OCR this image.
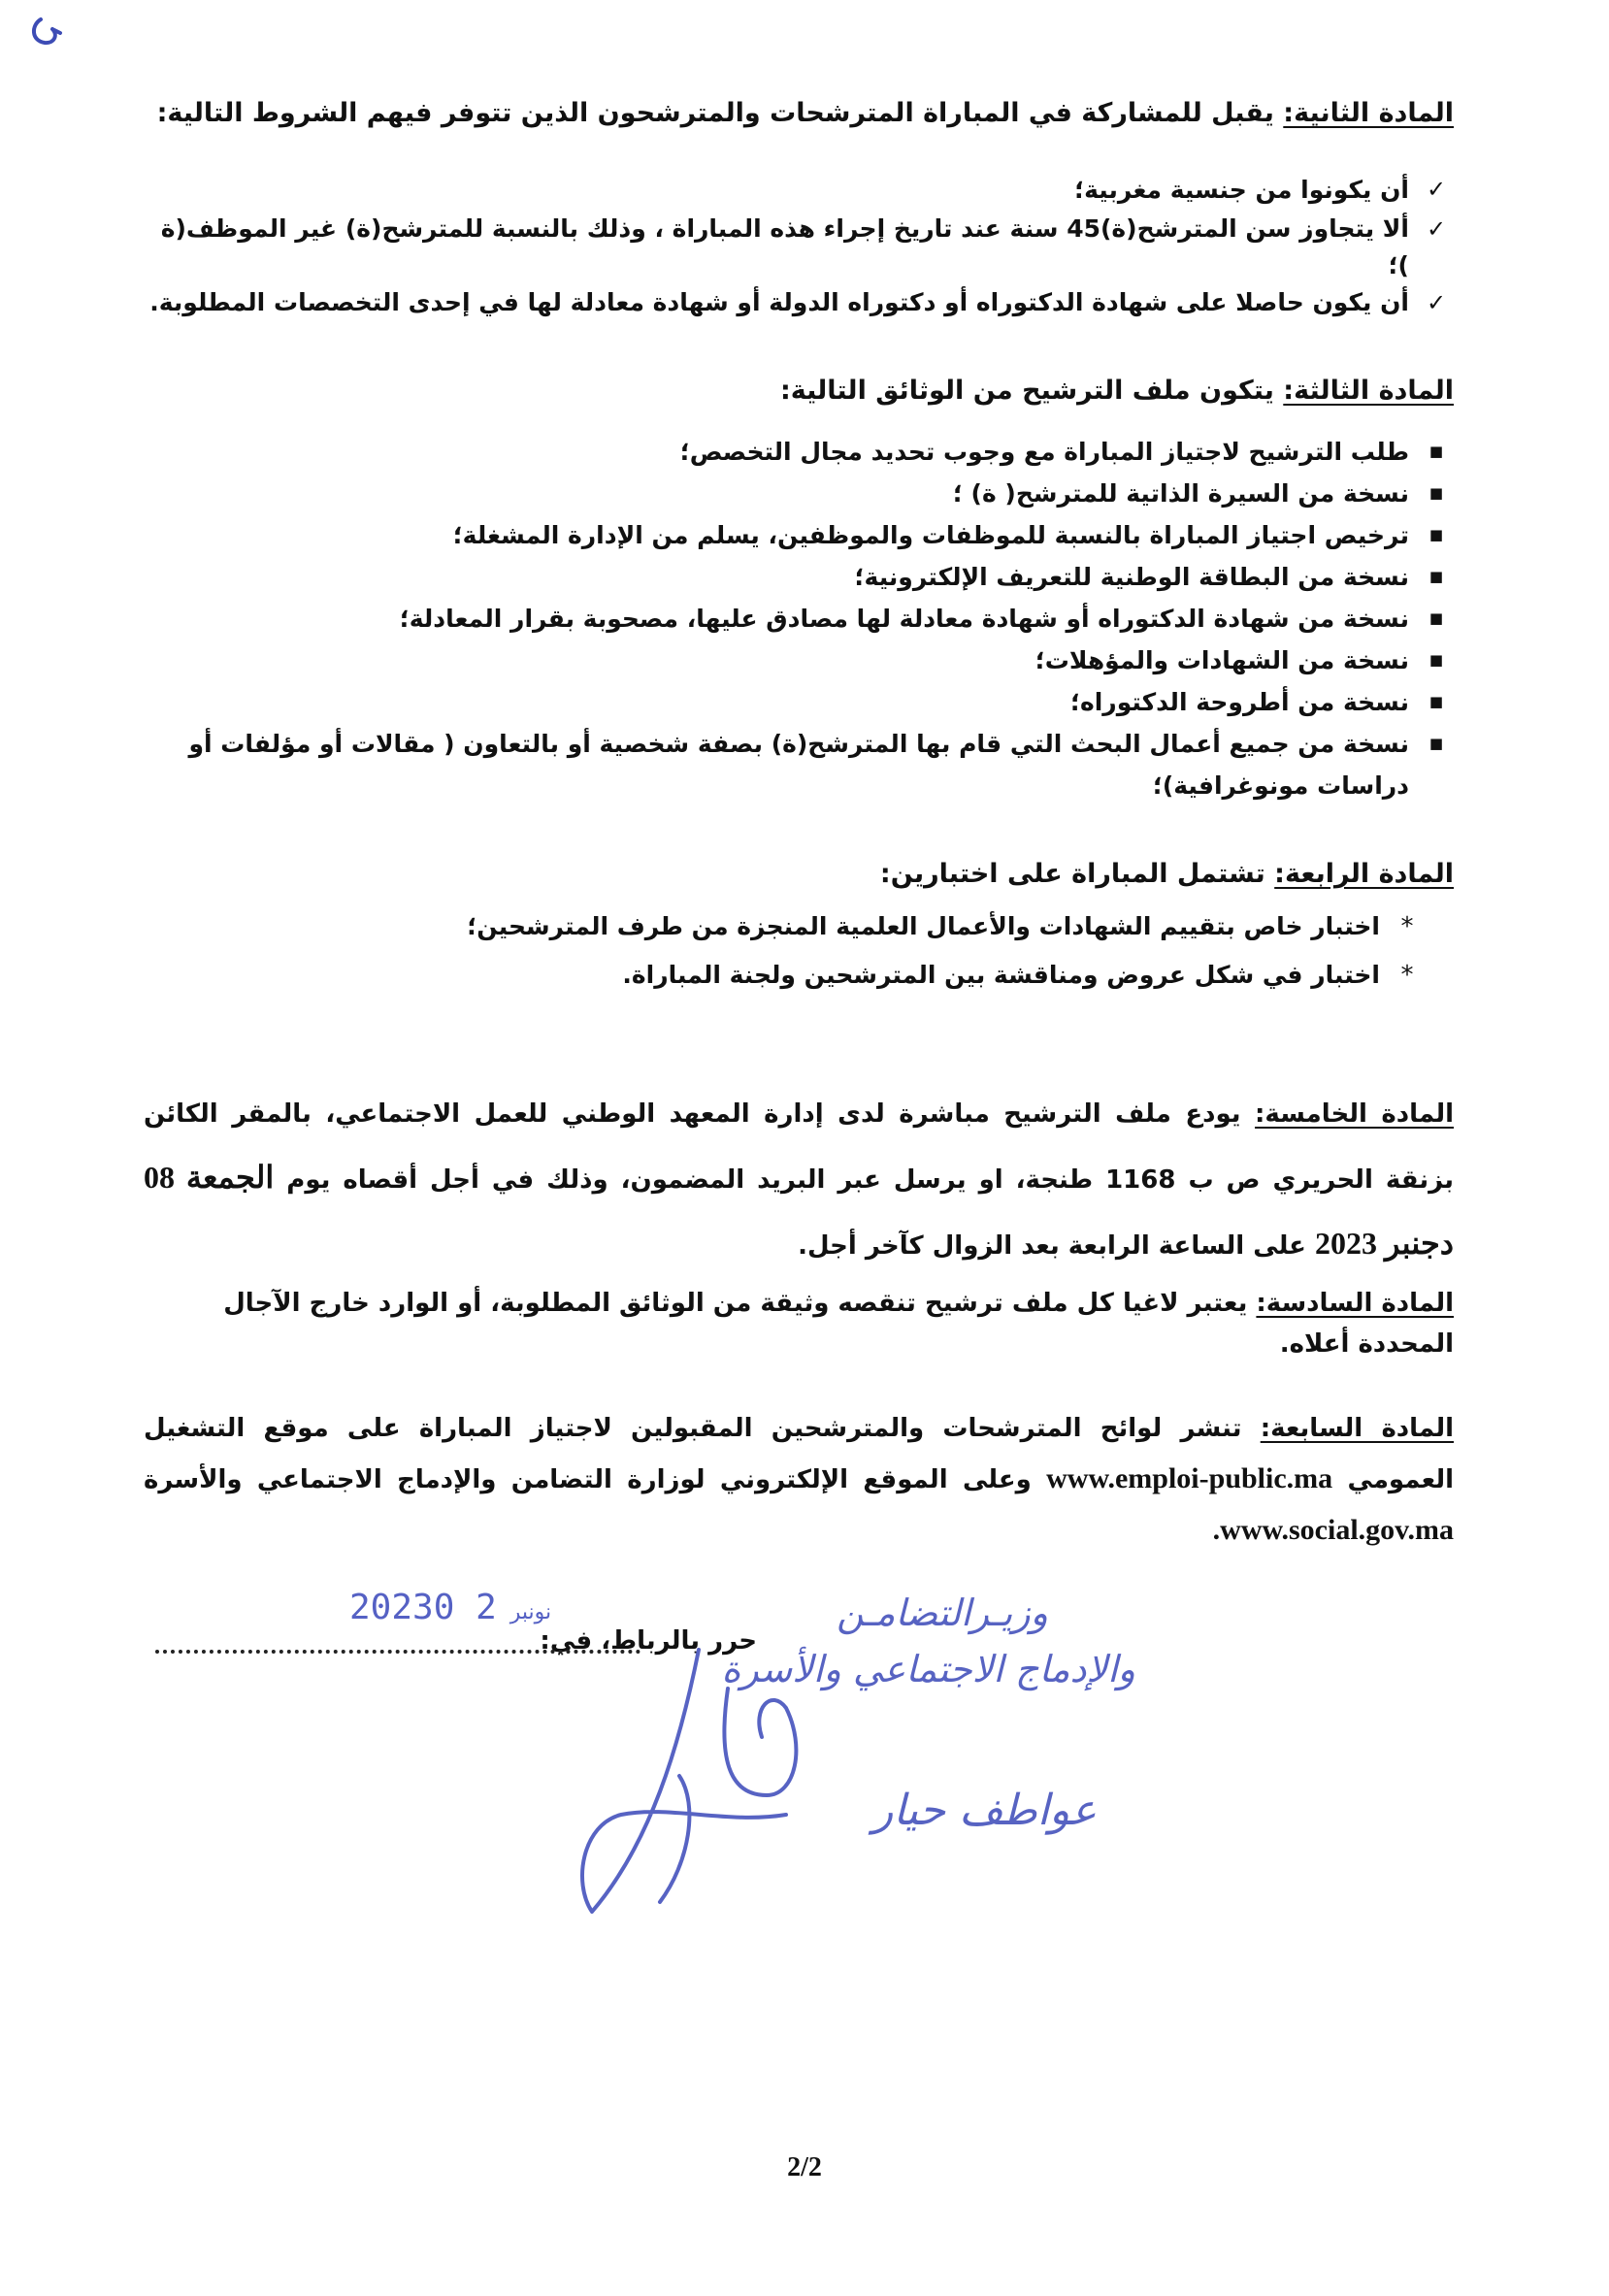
المادة الثانية: يقبل للمشاركة في المباراة المترشحات والمترشحون الذين تتوفر فيهم الشروط التالية:

✓
أن يكونوا من جنسية مغربية؛
✓
ألا يتجاوز سن المترشح(ة)45 سنة عند تاريخ إجراء هذه المباراة ، وذلك بالنسبة للمترشح(ة) غير الموظف(ة )؛
✓
أن يكون حاصلا على شهادة الدكتوراه أو دكتوراه الدولة أو شهادة معادلة لها في إحدى التخصصات المطلوبة.

المادة الثالثة: يتكون ملف الترشيح من الوثائق التالية:

■
طلب الترشيح لاجتياز المباراة مع وجوب تحديد مجال التخصص؛
■
نسخة من السيرة الذاتية للمترشح( ة) ؛
■
ترخيص اجتياز المباراة بالنسبة للموظفات والموظفين، يسلم من الإدارة المشغلة؛
■
نسخة من البطاقة الوطنية للتعريف الإلكترونية؛
■
نسخة من شهادة الدكتوراه أو شهادة معادلة لها مصادق عليها، مصحوبة بقرار المعادلة؛
■
نسخة من الشهادات والمؤهلات؛
■
نسخة من أطروحة الدكتوراه؛
■
نسخة من جميع أعمال البحث التي قام بها المترشح(ة) بصفة شخصية أو بالتعاون ( مقالات أو مؤلفات أو دراسات مونوغرافية)؛

المادة الرابعة: تشتمل المباراة على اختبارين:

*
اختبار خاص بتقييم الشهادات والأعمال العلمية المنجزة من طرف المترشحين؛
*
اختبار في شكل عروض ومناقشة بين المترشحين ولجنة المباراة.

المادة الخامسة: يودع ملف الترشيح مباشرة لدى إدارة المعهد الوطني للعمل الاجتماعي، بالمقر الكائن بزنقة الحريري ص ب 1168 طنجة، او يرسل عبر البريد المضمون، وذلك في أجل أقصاه يوم الجمعة 08 دجنبر 2023 على الساعة الرابعة بعد الزوال كآخر أجل.

المادة السادسة: يعتبر لاغيا كل ملف ترشيح تنقصه وثيقة من الوثائق المطلوبة، أو الوارد خارج الآجال المحددة أعلاه.

المادة السابعة: تنشر لوائح المترشحات والمترشحين المقبولين لاجتياز المباراة على موقع التشغيل العمومي www.emploi-public.ma وعلى الموقع الإلكتروني لوزارة التضامن والإدماج الاجتماعي والأسرة .www.social.gov.ma

2023	نونبر2 0
حرر بالرباط، في:
وزيـرالتضامـن
والإدماج الاجتماعي والأسرة
عواطف حيار
2/2
